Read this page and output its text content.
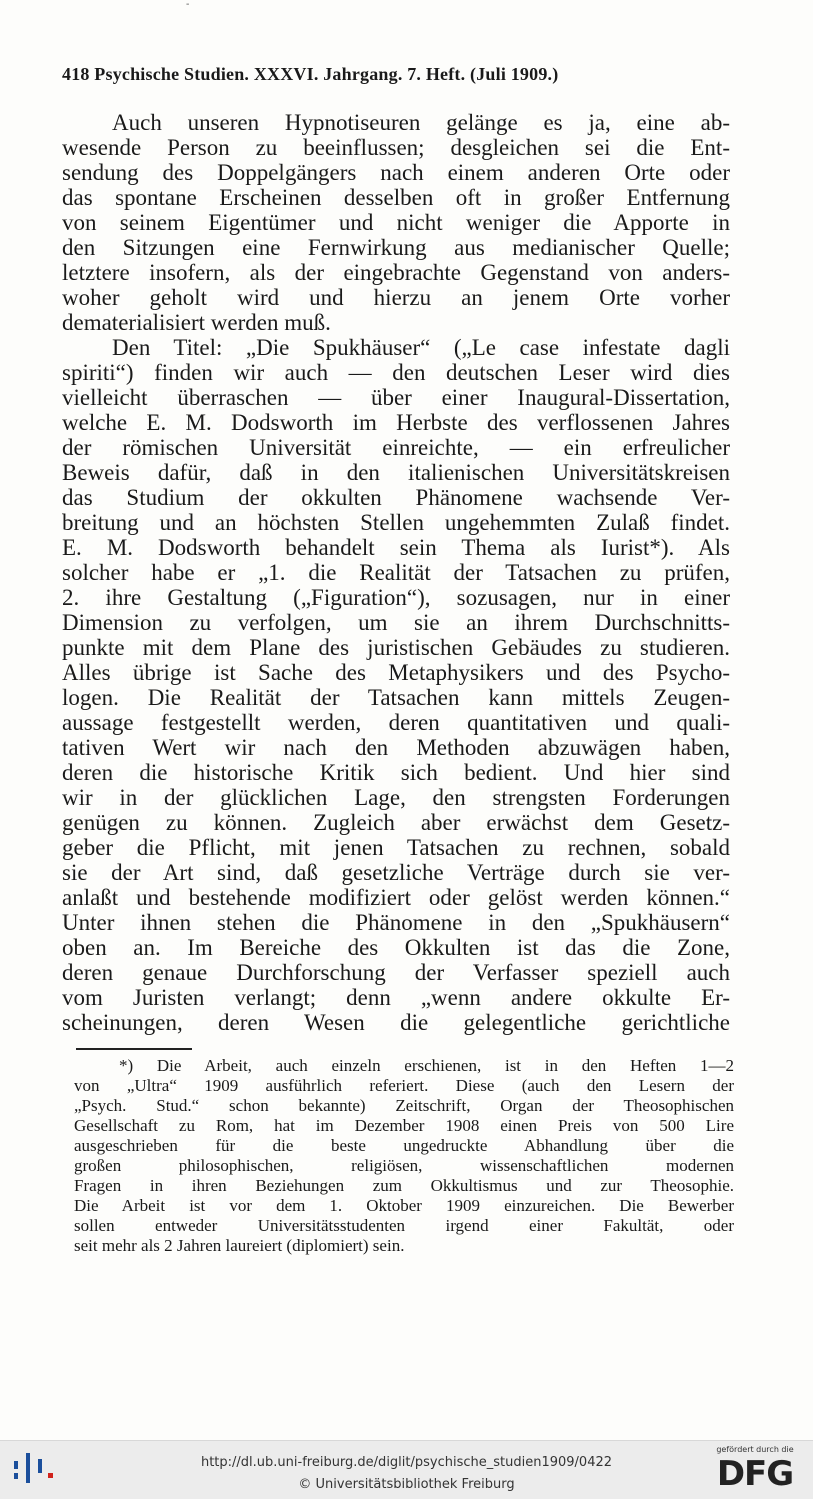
-
418 Psychische Studien. XXXVI. Jahrgang. 7. Heft. (Juli 1909.)
Auch unseren Hypnotiseuren gelänge es ja, eine ab-
wesende Person zu beeinflussen; desgleichen sei die Ent-
sendung des Doppelgängers nach einem anderen Orte oder
das spontane Erscheinen desselben oft in großer Entfernung
von seinem Eigentümer und nicht weniger die Apporte in
den Sitzungen eine Fernwirkung aus medianischer Quelle;
letztere insofern, als der eingebrachte Gegenstand von anders-
woher geholt wird und hierzu an jenem Orte vorher
dematerialisiert werden muß.
Den Titel: „Die Spukhäuser“ („Le case infestate dagli
spiriti“) finden wir auch — den deutschen Leser wird dies
vielleicht überraschen — über einer Inaugural-Dissertation,
welche E. M. Dodsworth im Herbste des verflossenen Jahres
der römischen Universität einreichte, — ein erfreulicher
Beweis dafür, daß in den italienischen Universitätskreisen
das Studium der okkulten Phänomene wachsende Ver-
breitung und an höchsten Stellen ungehemmten Zulaß findet.
E. M. Dodsworth behandelt sein Thema als Iurist*). Als
solcher habe er „1. die Realität der Tatsachen zu prüfen,
2. ihre Gestaltung („Figuration“), sozusagen, nur in einer
Dimension zu verfolgen, um sie an ihrem Durchschnitts-
punkte mit dem Plane des juristischen Gebäudes zu studieren.
Alles übrige ist Sache des Metaphysikers und des Psycho-
logen. Die Realität der Tatsachen kann mittels Zeugen-
aussage festgestellt werden, deren quantitativen und quali-
tativen Wert wir nach den Methoden abzuwägen haben,
deren die historische Kritik sich bedient. Und hier sind
wir in der glücklichen Lage, den strengsten Forderungen
genügen zu können. Zugleich aber erwächst dem Gesetz-
geber die Pflicht, mit jenen Tatsachen zu rechnen, sobald
sie der Art sind, daß gesetzliche Verträge durch sie ver-
anlaßt und bestehende modifiziert oder gelöst werden können.“
Unter ihnen stehen die Phänomene in den „Spukhäusern“
oben an. Im Bereiche des Okkulten ist das die Zone,
deren genaue Durchforschung der Verfasser speziell auch
vom Juristen verlangt; denn „wenn andere okkulte Er-
scheinungen, deren Wesen die gelegentliche gerichtliche
*) Die Arbeit, auch einzeln erschienen, ist in den Heften 1—2
von „Ultra“ 1909 ausführlich referiert. Diese (auch den Lesern der
„Psych. Stud.“ schon bekannte) Zeitschrift, Organ der Theosophischen
Gesellschaft zu Rom, hat im Dezember 1908 einen Preis von 500 Lire
ausgeschrieben für die beste ungedruckte Abhandlung über die
großen philosophischen, religiösen, wissenschaftlichen modernen
Fragen in ihren Beziehungen zum Okkultismus und zur Theosophie.
Die Arbeit ist vor dem 1. Oktober 1909 einzureichen. Die Bewerber
sollen entweder Universitätsstudenten irgend einer Fakultät, oder
seit mehr als 2 Jahren laureiert (diplomiert) sein.
http://dl.ub.uni-freiburg.de/diglit/psychische_studien1909/0422
© Universitätsbibliothek Freiburg
gefördert durch die
DFG
